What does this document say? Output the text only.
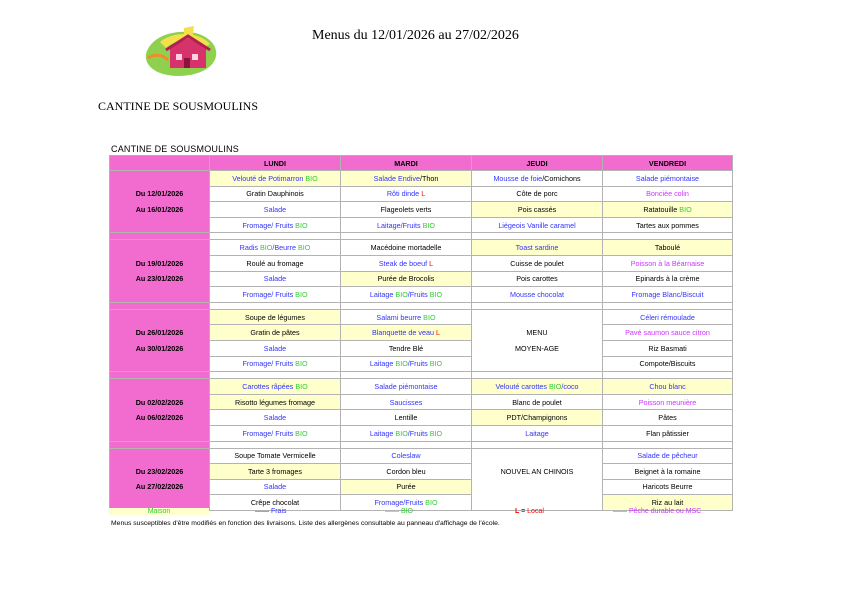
Menus du 12/01/2026 au 27/02/2026
CANTINE DE SOUSMOULINS
CANTINE DE SOUSMOULINS
	LUNDI	MARDI	JEUDI	VENDREDI
	Velouté de Potimarron BIO	Salade Endive/Thon	Mousse de foie/Cornichons	Salade piémontaise
Du 12/01/2026	Gratin Dauphinois	Rôti dinde L	Côte de porc	Boncièe colin
Au 16/01/2026	Salade	Flageolets verts	Pois cassés	Ratatouille BIO
	Fromage/ Fruits BIO	Laitage/Fruits BIO	Liégeois Vanille caramel	Tartes aux pommes

	Radis BIO/Beurre BIO	Macédoine mortadelle	Toast sardine	Taboulé
Du 19/01/2026	Roulé au fromage	Steak de boeuf L	Cuisse de poulet	Poisson à la Béarnaise
Au 23/01/2026	Salade	Purée de Brocolis	Pois carottes	Epinards à la crème
	Fromage/ Fruits BIO	Laitage BIO/Fruits BIO	Mousse chocolat	Fromage Blanc/Biscuit

	Soupe de légumes	Salami beurre BIO		Céleri rémoulade
Du 26/01/2026	Gratin de pâtes	Blanquette de veau L	MENU	Pavé saumon sauce citron
Au 30/01/2026	Salade	Tendre Blé	MOYEN-AGE	Riz Basmati
	Fromage/ Fruits BIO	Laitage BIO/Fruits BIO		Compote/Biscuits

	Carottes râpées BIO	Salade piémontaise	Velouté carottes BIO/coco	Chou blanc
Du 02/02/2026	Risotto légumes fromage	Saucisses	Blanc de poulet	Poisson meunière
Au 06/02/2026	Salade	Lentille	PDT/Champignons	Pâtes
	Fromage/ Fruits BIO	Laitage BIO/Fruits BIO	Laitage	Flan pâtissier

	Soupe Tomate Vermicelle	Coleslaw		Salade de pêcheur
Du 23/02/2026	Tarte 3 fromages	Cordon bleu	NOUVEL AN CHINOIS	Beignet à la romaine
Au 27/02/2026	Salade	Purée		Haricots Beurre
	Crêpe chocolat	Fromage/Fruits BIO		Riz au lait
Maison	—— Frais	—— BIO	L = Local	—— Pêche durable ou MSC
Menus susceptibles d'être modifiés en fonction des livraisons. Liste des allergènes consultable au panneau d'affichage de l'école.
